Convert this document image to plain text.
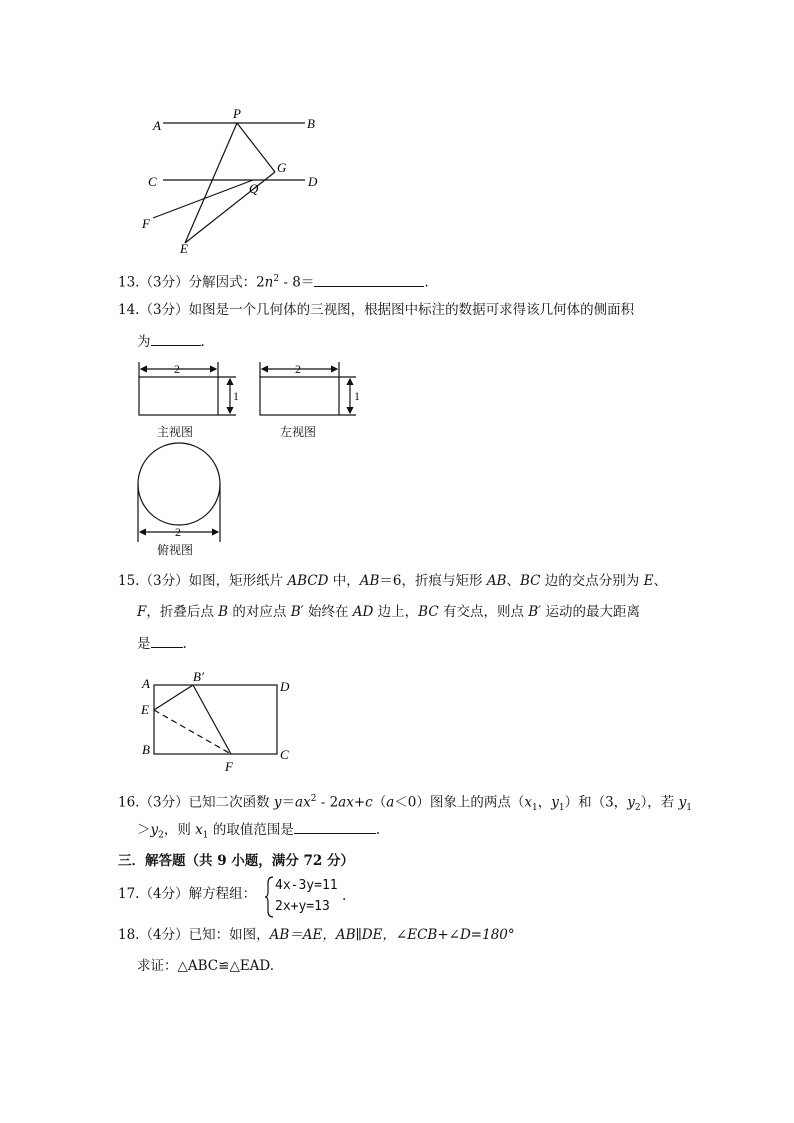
A
P
B
G
C	Q	D
F
E
13.（3分）分解因式：$2n^2 - 8=$	.
14.（3分）如图是一个几何体的三视图，根据图中标注的数据可求得该几何体的侧面积
为	.
2
1
主视图
2
1
左视图
2
俯视图
15.（3分）如图，矩形纸片 ABCD 中，AB＝6，折痕与矩形 AB、BC 边的交点分别为 E、
F，折叠后点 B 的对应点 B′ 始终在 AD 边上，BC 有交点，则点 B′ 运动的最大距离
是 .
A	B′
D
E
B
F
C
16.（3分）已知二次函数 $y=ax^2 - 2ax+c(a<0)$图象上的两点（$x_1$，$y_1$）和（3，$y_2$），若 $y_1$
$>y_2$，则 $x_1$ 的取值范围是	.
三．解答题（共 9 小题，满分 72 分）
17.（4分）解方程组：
4x-3y=11
2x+y=13
.
18.（4分）已知：如图，AB＝AE，AB∥DE，∠ECB+∠D=180°
求证：△ABC≌△EAD.
